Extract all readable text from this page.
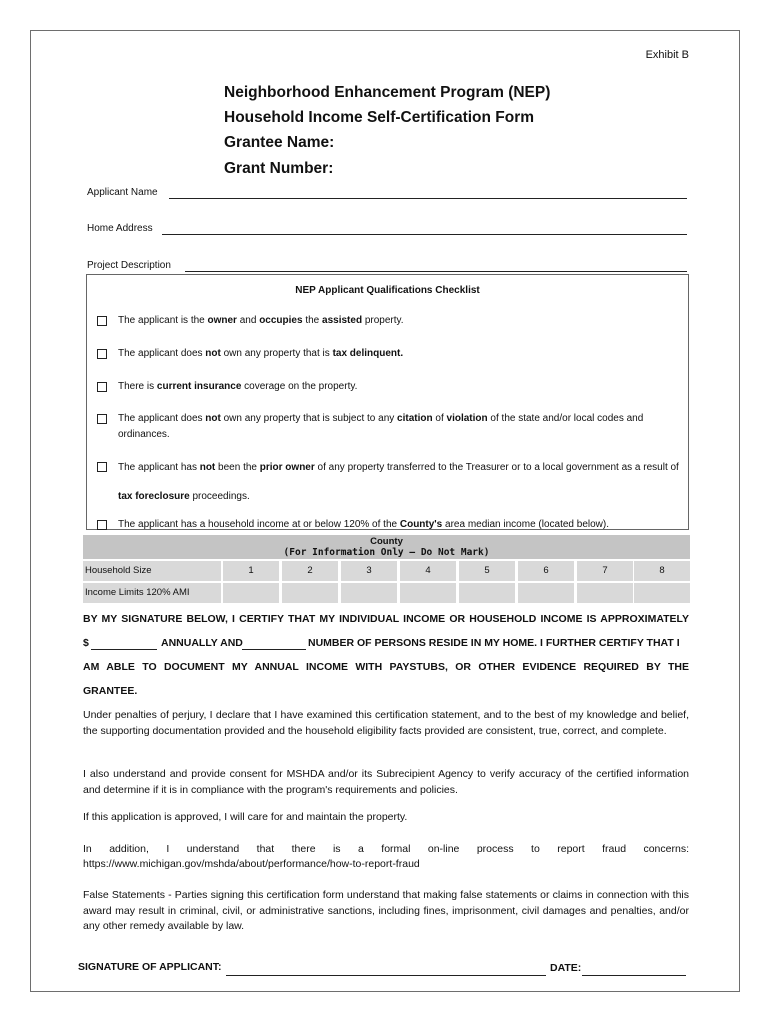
Exhibit B
Neighborhood Enhancement Program (NEP)
Household Income Self-Certification Form
Grantee Name:
Grant Number:
Applicant Name
Home Address
Project Description
NEP Applicant Qualifications Checklist
The applicant is the owner and occupies the assisted property.
The applicant does not own any property that is tax delinquent.
There is current insurance coverage on the property.
The applicant does not own any property that is subject to any citation of violation of the state and/or local codes and ordinances.
The applicant has not been the prior owner of any property transferred to the Treasurer or to a local government as a result of tax foreclosure proceedings.
The applicant has a household income at or below 120% of the County's area median income (located below).
County
(For Information Only – Do Not Mark)
Household Size	1	2	3	4	5	6	7	8
Income Limits 120% AMI
BY MY SIGNATURE BELOW, I CERTIFY THAT MY INDIVIDUAL INCOME OR HOUSEHOLD INCOME IS APPROXIMATELY
$	ANNUALLY AND	NUMBER OF PERSONS RESIDE IN MY HOME. I FURTHER CERTIFY THAT I
AM ABLE TO DOCUMENT MY ANNUAL INCOME WITH PAYSTUBS, OR OTHER EVIDENCE REQUIRED BY THE
GRANTEE.
Under penalties of perjury, I declare that I have examined this certification statement, and to the best of my knowledge and belief, the supporting documentation provided and the household eligibility facts provided are consistent, true, correct, and complete.
I also understand and provide consent for MSHDA and/or its Subrecipient Agency to verify accuracy of the certified information and determine if it is in compliance with the program's requirements and policies.
If this application is approved, I will care for and maintain the property.
In addition, I understand that there is a formal on-line process to report fraud concerns:
https://www.michigan.gov/mshda/about/performance/how-to-report-fraud
False Statements - Parties signing this certification form understand that making false statements or claims in connection with this award may result in criminal, civil, or administrative sanctions, including fines, imprisonment, civil damages and penalties, and/or any other remedy available by law.
SIGNATURE OF APPLICANT:	DATE:
